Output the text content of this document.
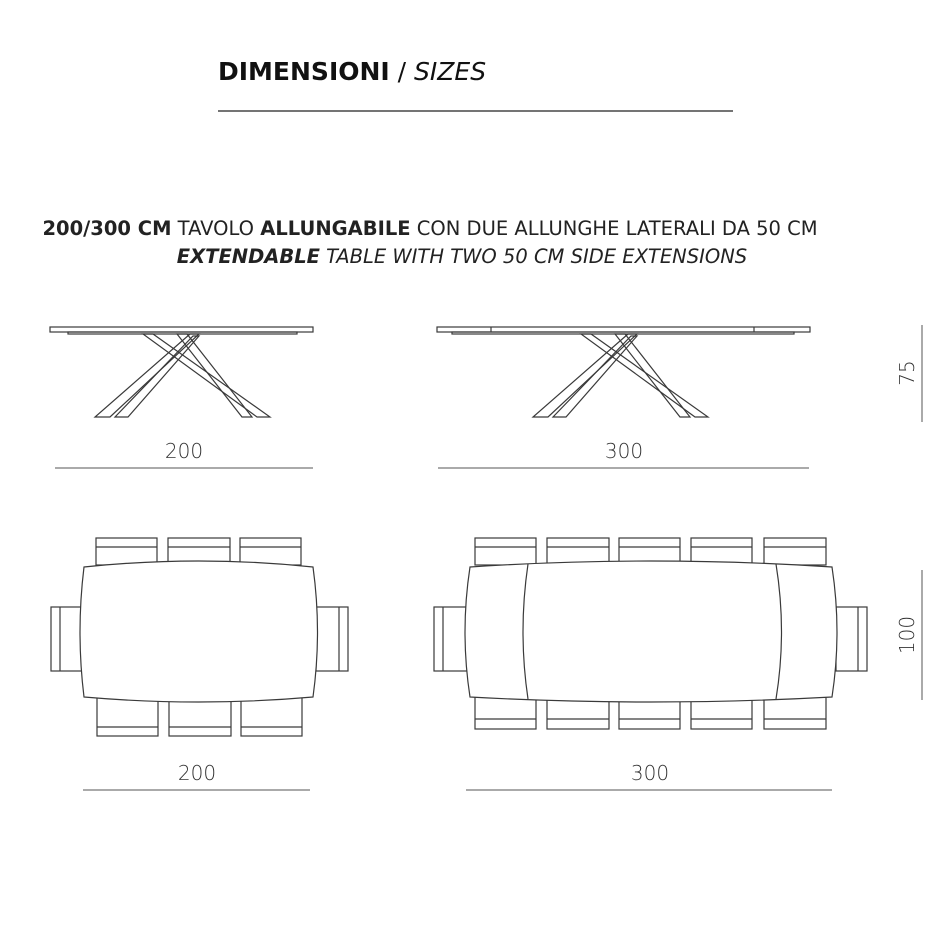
DIMENSIONI / SIZES
200/300 CM TAVOLO ALLUNGABILE CON DUE ALLUNGHE LATERALI DA 50 CM
EXTENDABLE TABLE WITH TWO 50 CM SIDE EXTENSIONS
200	300
75
200	300
100
